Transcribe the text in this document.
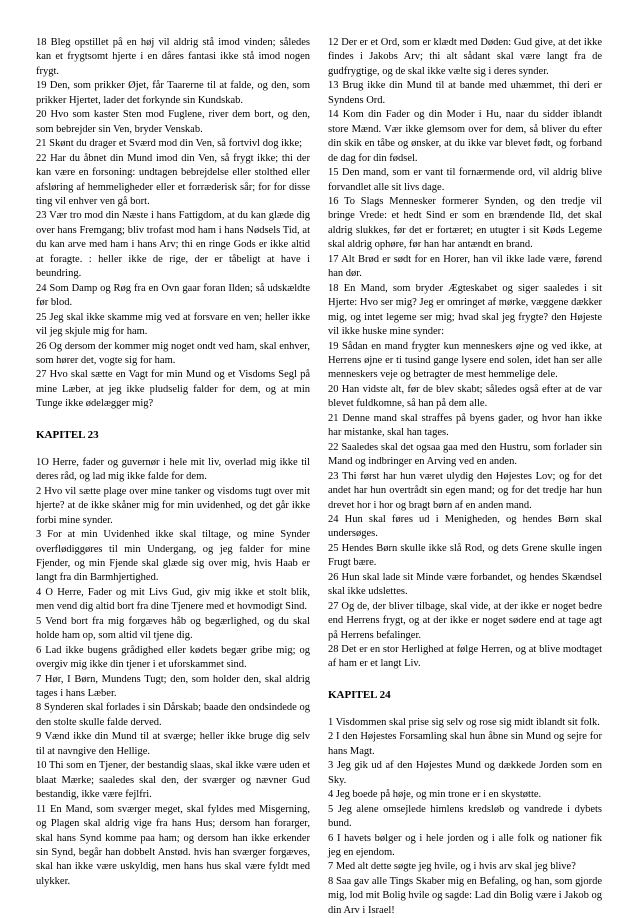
18 Bleg opstillet på en høj vil aldrig stå imod vinden; således kan et frygtsomt hjerte i en dåres fantasi ikke stå imod nogen frygt.

19 Den, som prikker Øjet, får Taarerne til at falde, og den, som prikker Hjertet, lader det forkynde sin Kundskab.

20 Hvo som kaster Sten mod Fuglene, river dem bort, og den, som bebrejder sin Ven, bryder Venskab.

21 Skønt du drager et Sværd mod din Ven, så fortvivl dog ikke;

22 Har du åbnet din Mund imod din Ven, så frygt ikke; thi der kan være en forsoning: undtagen bebrejdelse eller stolthed eller afsløring af hemmeligheder eller et forræderisk sår; for for disse ting vil enhver ven gå bort.

23 Vær tro mod din Næste i hans Fattigdom, at du kan glæde dig over hans Fremgang; bliv trofast mod ham i hans Nødsels Tid, at du kan arve med ham i hans Arv; thi en ringe Gods er ikke altid at foragte. : heller ikke de rige, der er tåbeligt at have i beundring.

24 Som Damp og Røg fra en Ovn gaar foran Ilden; så udskældte før blod.

25 Jeg skal ikke skamme mig ved at forsvare en ven; heller ikke vil jeg skjule mig for ham.

26 Og dersom der kommer mig noget ondt ved ham, skal enhver, som hører det, vogte sig for ham.

27 Hvo skal sætte en Vagt for min Mund og et Visdoms Segl på mine Læber, at jeg ikke pludselig falder for dem, og at min Tunge ikke ødelægger mig?

KAPITEL 23

1O Herre, fader og guvernør i hele mit liv, overlad mig ikke til deres råd, og lad mig ikke falde for dem.

2 Hvo vil sætte plage over mine tanker og visdoms tugt over mit hjerte? at de ikke skåner mig for min uvidenhed, og det går ikke forbi mine synder.

3 For at min Uvidenhed ikke skal tiltage, og mine Synder overflødiggøres til min Undergang, og jeg falder for mine Fjender, og min Fjende skal glæde sig over mig, hvis Haab er langt fra din Barmhjertighed.

4 O Herre, Fader og mit Livs Gud, giv mig ikke et stolt blik, men vend dig altid bort fra dine Tjenere med et hovmodigt Sind.

5 Vend bort fra mig forgæves håb og begærlighed, og du skal holde ham op, som altid vil tjene dig.

6 Lad ikke bugens grådighed eller kødets begær gribe mig; og overgiv mig ikke din tjener i et uforskammet sind.

7 Hør, I Børn, Mundens Tugt; den, som holder den, skal aldrig tages i hans Læber.

8 Synderen skal forlades i sin Dårskab; baade den ondsindede og den stolte skulle falde derved.

9 Vænd ikke din Mund til at sværge; heller ikke bruge dig selv til at navngive den Hellige.

10 Thi som en Tjener, der bestandig slaas, skal ikke være uden et blaat Mærke; saaledes skal den, der sværger og nævner Gud bestandig, ikke være fejlfri.

11 En Mand, som sværger meget, skal fyldes med Misgerning, og Plagen skal aldrig vige fra hans Hus; dersom han forarger, skal hans Synd komme paa ham; og dersom han ikke erkender sin Synd, begår han dobbelt Anstød. hvis han sværger forgæves, skal han ikke være uskyldig, men hans hus skal være fyldt med ulykker.

12 Der er et Ord, som er klædt med Døden: Gud give, at det ikke findes i Jakobs Arv; thi alt sådant skal være langt fra de gudfrygtige, og de skal ikke vælte sig i deres synder.

13 Brug ikke din Mund til at bande med uhæmmet, thi deri er Syndens Ord.

14 Kom din Fader og din Moder i Hu, naar du sidder iblandt store Mænd. Vær ikke glemsom over for dem, så bliver du efter din skik en tåbe og ønsker, at du ikke var blevet født, og forband de dag for din fødsel.

15 Den mand, som er vant til fornærmende ord, vil aldrig blive forvandlet alle sit livs dage.

16 To Slags Mennesker formerer Synden, og den tredje vil bringe Vrede: et hedt Sind er som en brændende Ild, det skal aldrig slukkes, før det er fortæret; en utugter i sit Køds Legeme skal aldrig ophøre, før han har antændt en brand.

17 Alt Brød er sødt for en Horer, han vil ikke lade være, førend han dør.

18 En Mand, som bryder Ægteskabet og siger saaledes i sit Hjerte: Hvo ser mig? Jeg er omringet af mørke, væggene dækker mig, og intet legeme ser mig; hvad skal jeg frygte? den Højeste vil ikke huske mine synder:

19 Sådan en mand frygter kun menneskers øjne og ved ikke, at Herrens øjne er ti tusind gange lysere end solen, idet han ser alle menneskers veje og betragter de mest hemmelige dele.

20 Han vidste alt, før de blev skabt; således også efter at de var blevet fuldkomne, så han på dem alle.

21 Denne mand skal straffes på byens gader, og hvor han ikke har mistanke, skal han tages.

22 Saaledes skal det ogsaa gaa med den Hustru, som forlader sin Mand og indbringer en Arving ved en anden.

23 Thi først har hun været ulydig den Højestes Lov; og for det andet har hun overtrådt sin egen mand; og for det tredje har hun drevet hor i hor og bragt børn af en anden mand.

24 Hun skal føres ud i Menigheden, og hendes Børn skal undersøges.

25 Hendes Børn skulle ikke slå Rod, og dets Grene skulle ingen Frugt bære.

26 Hun skal lade sit Minde være forbandet, og hendes Skændsel skal ikke udslettes.

27 Og de, der bliver tilbage, skal vide, at der ikke er noget bedre end Herrens frygt, og at der ikke er noget sødere end at tage agt på Herrens befalinger.

28 Det er en stor Herlighed at følge Herren, og at blive modtaget af ham er et langt Liv.

KAPITEL 24

1 Visdommen skal prise sig selv og rose sig midt iblandt sit folk.

2 I den Højestes Forsamling skal hun åbne sin Mund og sejre for hans Magt.

3 Jeg gik ud af den Højestes Mund og dækkede Jorden som en Sky.

4 Jeg boede på høje, og min trone er i en skystøtte.

5 Jeg alene omsejlede himlens kredsløb og vandrede i dybets bund.

6 I havets bølger og i hele jorden og i alle folk og nationer fik jeg en ejendom.

7 Med alt dette søgte jeg hvile, og i hvis arv skal jeg blive?

8 Saa gav alle Tings Skaber mig en Befaling, og han, som gjorde mig, lod mit Bolig hvile og sagde: Lad din Bolig være i Jakob og din Arv i Israel!
